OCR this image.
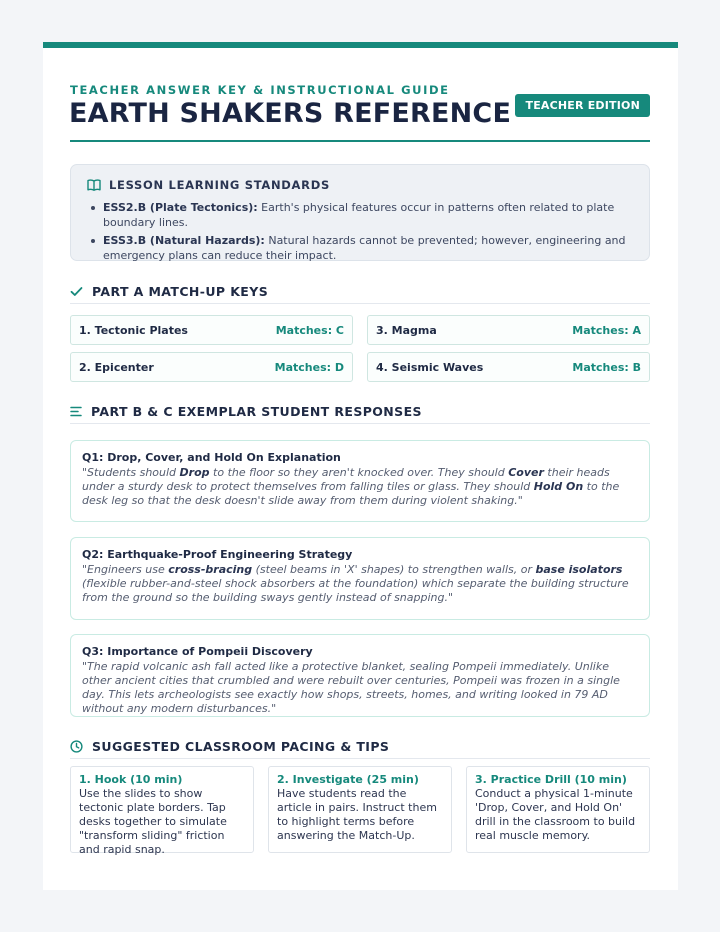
TEACHER ANSWER KEY & INSTRUCTIONAL GUIDE
EARTH SHAKERS REFERENCE	TEACHER EDITION
LESSON LEARNING STANDARDS
ESS2.B (Plate Tectonics): Earth's physical features occur in patterns often related to plate boundary lines.
ESS3.B (Natural Hazards): Natural hazards cannot be prevented; however, engineering and emergency plans can reduce their impact.
PART A MATCH-UP KEYS
1. Tectonic Plates	Matches: C	3. Magma	Matches: A
2. Epicenter	Matches: D	4. Seismic Waves	Matches: B
PART B & C EXEMPLAR STUDENT RESPONSES
Q1: Drop, Cover, and Hold On Explanation
"Students should Drop to the floor so they aren't knocked over. They should Cover their heads under a sturdy desk to protect themselves from falling tiles or glass. They should Hold On to the desk leg so that the desk doesn't slide away from them during violent shaking."
Q2: Earthquake-Proof Engineering Strategy
"Engineers use cross-bracing (steel beams in 'X' shapes) to strengthen walls, or base isolators (flexible rubber-and-steel shock absorbers at the foundation) which separate the building structure from the ground so the building sways gently instead of snapping."
Q3: Importance of Pompeii Discovery
"The rapid volcanic ash fall acted like a protective blanket, sealing Pompeii immediately. Unlike other ancient cities that crumbled and were rebuilt over centuries, Pompeii was frozen in a single day. This lets archeologists see exactly how shops, streets, homes, and writing looked in 79 AD without any modern disturbances."
SUGGESTED CLASSROOM PACING & TIPS
1. Hook (10 min)
Use the slides to show tectonic plate borders. Tap desks together to simulate "transform sliding" friction and rapid snap.
2. Investigate (25 min)
Have students read the article in pairs. Instruct them to highlight terms before answering the Match-Up.
3. Practice Drill (10 min)
Conduct a physical 1-minute 'Drop, Cover, and Hold On' drill in the classroom to build real muscle memory.
